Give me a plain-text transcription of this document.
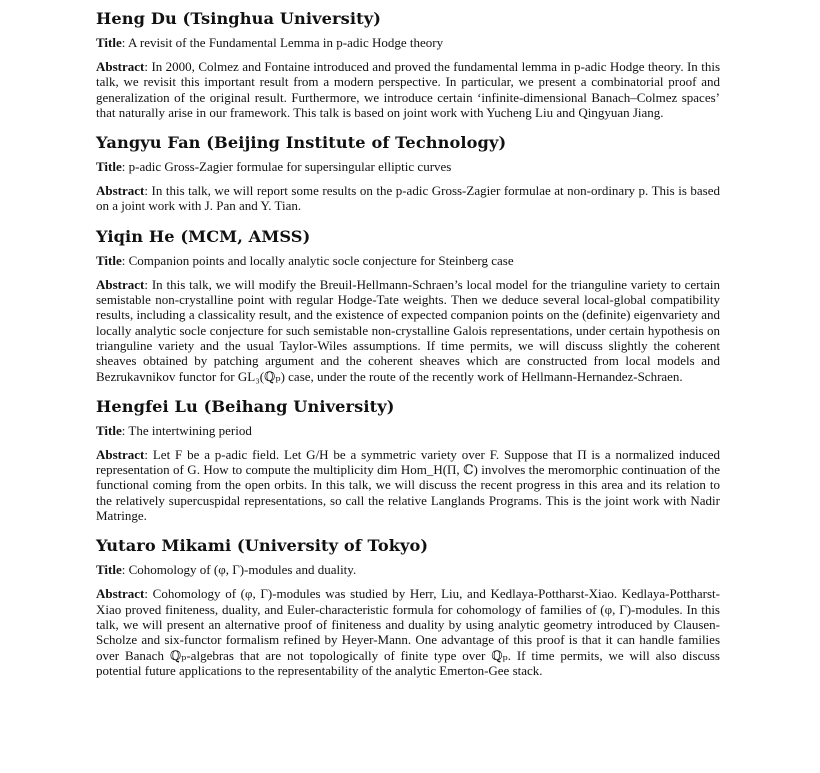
Heng Du (Tsinghua University)
Title: A revisit of the Fundamental Lemma in p-adic Hodge theory

Abstract: In 2000, Colmez and Fontaine introduced and proved the fundamental lemma in p-adic Hodge theory. In this talk, we revisit this important result from a modern perspective. In particular, we present a combinatorial proof and generalization of the original result. Furthermore, we introduce certain ‘infinite-dimensional Banach–Colmez spaces’ that naturally arise in our framework. This talk is based on joint work with Yucheng Liu and Qingyuan Jiang.

Yangyu Fan (Beijing Institute of Technology)
Title: p-adic Gross-Zagier formulae for supersingular elliptic curves

Abstract: In this talk, we will report some results on the p-adic Gross-Zagier formulae at non-ordinary p. This is based on a joint work with J. Pan and Y. Tian.

Yiqin He (MCM, AMSS)
Title: Companion points and locally analytic socle conjecture for Steinberg case

Abstract: In this talk, we will modify the Breuil-Hellmann-Schraen’s local model for the trianguline variety to certain semistable non-crystalline point with regular Hodge-Tate weights. Then we deduce several local-global compatibility results, including a classicality result, and the existence of expected companion points on the (definite) eigenvariety and locally analytic socle conjecture for such semistable non-crystalline Galois representations, under certain hypothesis on trianguline variety and the usual Taylor-Wiles assumptions. If time permits, we will discuss slightly the coherent sheaves obtained by patching argument and the coherent sheaves which are constructed from local models and Bezrukavnikov functor for GL₃(ℚₚ) case, under the route of the recently work of Hellmann-Hernandez-Schraen.

Hengfei Lu (Beihang University)
Title: The intertwining period

Abstract: Let F be a p-adic field. Let G/H be a symmetric variety over F. Suppose that Π is a normalized induced representation of G. How to compute the multiplicity dim Hom_H(Π, ℂ) involves the meromorphic continuation of the functional coming from the open orbits. In this talk, we will discuss the recent progress in this area and its relation to the relatively supercuspidal representations, so call the relative Langlands Programs. This is the joint work with Nadir Matringe.

Yutaro Mikami (University of Tokyo)
Title: Cohomology of (φ, Γ)-modules and duality.

Abstract: Cohomology of (φ, Γ)-modules was studied by Herr, Liu, and Kedlaya-Pottharst-Xiao. Kedlaya-Pottharst-Xiao proved finiteness, duality, and Euler-characteristic formula for cohomology of families of (φ, Γ)-modules. In this talk, we will present an alternative proof of finiteness and duality by using analytic geometry introduced by Clausen-Scholze and six-functor formalism refined by Heyer-Mann. One advantage of this proof is that it can handle families over Banach ℚₚ-algebras that are not topologically of finite type over ℚₚ. If time permits, we will also discuss potential future applications to the representability of the analytic Emerton-Gee stack.
